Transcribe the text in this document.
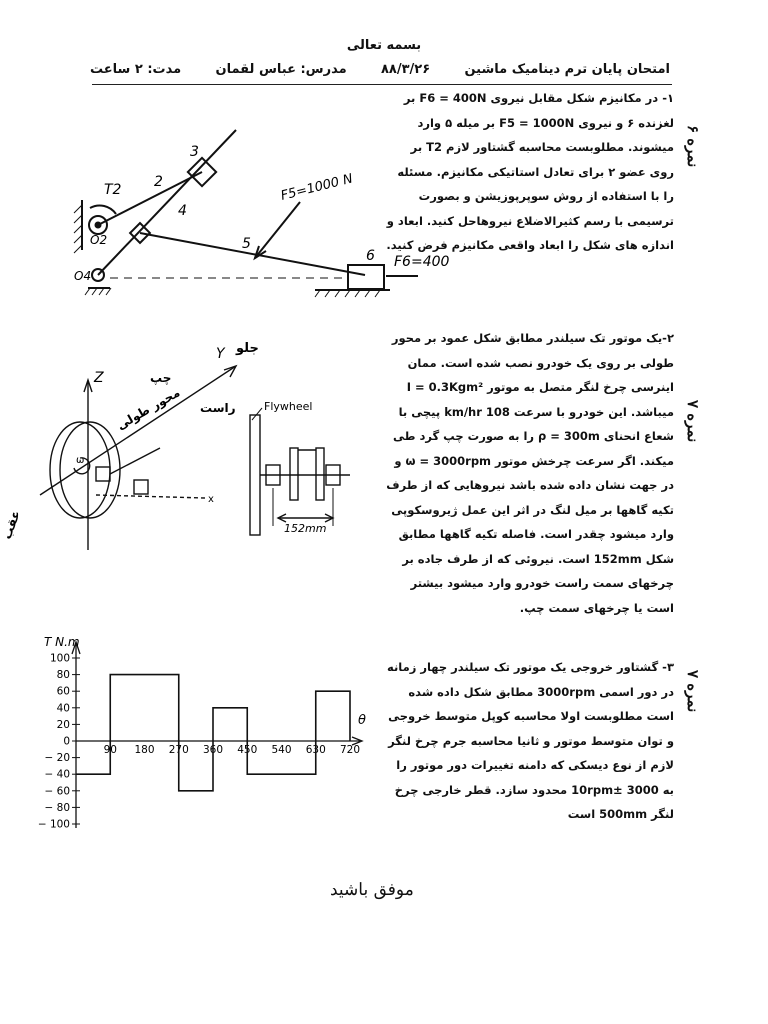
بسمه تعالی
امتحان پایان ترم دینامیک ماشین
۸۸/۳/۲۶
مدرس: عباس لقمان
مدت: ۲ ساعت
۱- در مکانیزم شکل مقابل نیروی F6 = 400N بر لغزنده ۶ و نیروی F5 = 1000N بر میله ۵ وارد میشوند. مطلوبست محاسبه گشتاور لازم T2 بر روی عضو ۲ برای تعادل استاتیکی مکانیزم. مسئله را با استفاده از روش سوپرپوزیشن و بصورت ترسیمی با رسم کثیرالاضلاع نیروهاحل کنید. ابعاد و اندازه های شکل را ابعاد واقعی مکانیزم فرض کنید.
۲-یک موتور تک سیلندر مطابق شکل عمود بر محور طولی بر روی یک خودرو نصب شده است. ممان اینرسی چرخ لنگر متصل به موتور I = 0.3Kgm² میباشد. این خودرو با سرعت 108 km/hr پیچی با شعاع انحنای ρ = 300m را به صورت چپ گرد طی میکند. اگر سرعت چرخش موتور ω = 3000rpm و در جهت نشان داده شده باشد نیروهایی که از طرف تکیه گاهها بر میل لنگ در اثر این عمل ژیروسکوپی وارد میشود چقدر است. فاصله تکیه گاهها مطابق شکل 152mm است. نیروئی که از طرف جاده بر چرخهای سمت راست خودرو وارد میشود بیشتر است یا چرخهای سمت چپ.
۳- گشتاور خروجی یک موتور تک سیلندر چهار زمانه در دور اسمی 3000rpm مطابق شکل داده شده است مطلوبست اولا محاسبه کوپل متوسط خروجی و توان متوسط موتور و ثانیا محاسبه جرم چرخ لنگر لازم از نوع دیسکی که دامنه تغییرات دور موتور را به 3000 ±10rpm محدود سازد. قطر خارجی چرخ لنگر 500mm است
۶ نمره
۷ نمره
۷ نمره
T2
O2
O4
2
3
4
5
6
F5=1000 N
F6=400
Z
Y
x
جلو
چپ
راست
محور طولی
عقب
ω
Flywheel
152mm
100
80
60
40
20
0
− 20
− 40
− 60
− 80
− 100
90 180 270 360 450 540 630 720
T N.m
θ
موفق باشید
